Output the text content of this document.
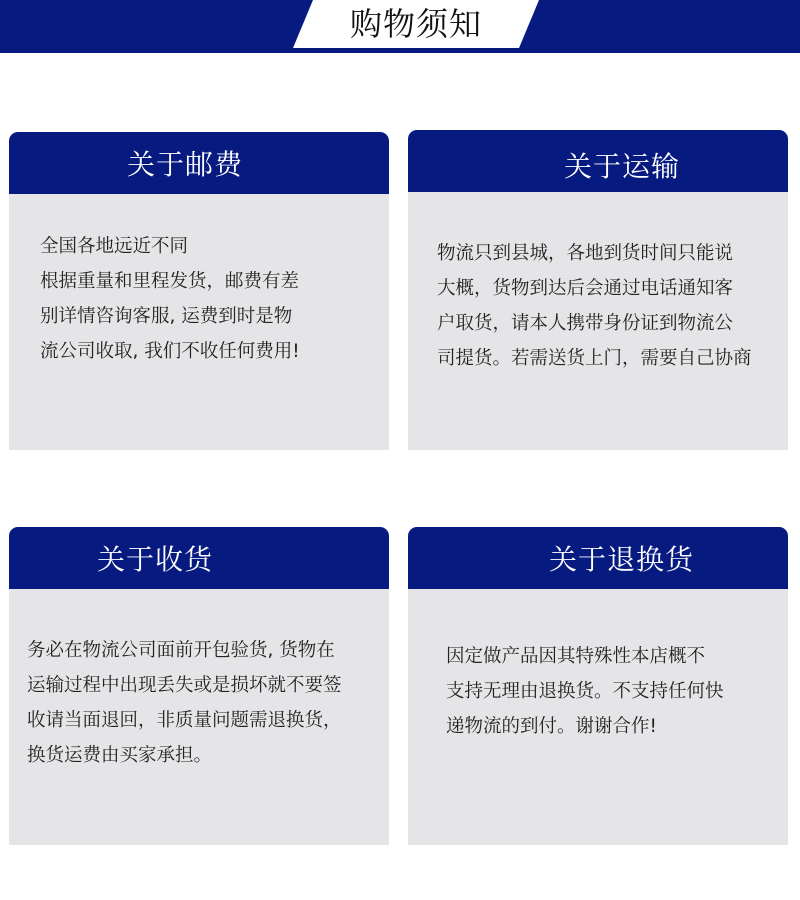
购物须知
关于邮费
全国各地远近不同
根据重量和里程发货，邮费有差
别详情咨询客服, 运费到时是物
流公司收取, 我们不收任何费用!
关于运输
物流只到县城，各地到货时间只能说
大概，货物到达后会通过电话通知客
户取货，请本人携带身份证到物流公
司提货。若需送货上门，需要自己协商
关于收货
务必在物流公司面前开包验货, 货物在
运输过程中出现丢失或是损坏就不要签
收请当面退回，非质量问题需退换货，
换货运费由买家承担。
关于退换货
因定做产品因其特殊性本店概不
支持无理由退换货。不支持任何快
递物流的到付。谢谢合作!
